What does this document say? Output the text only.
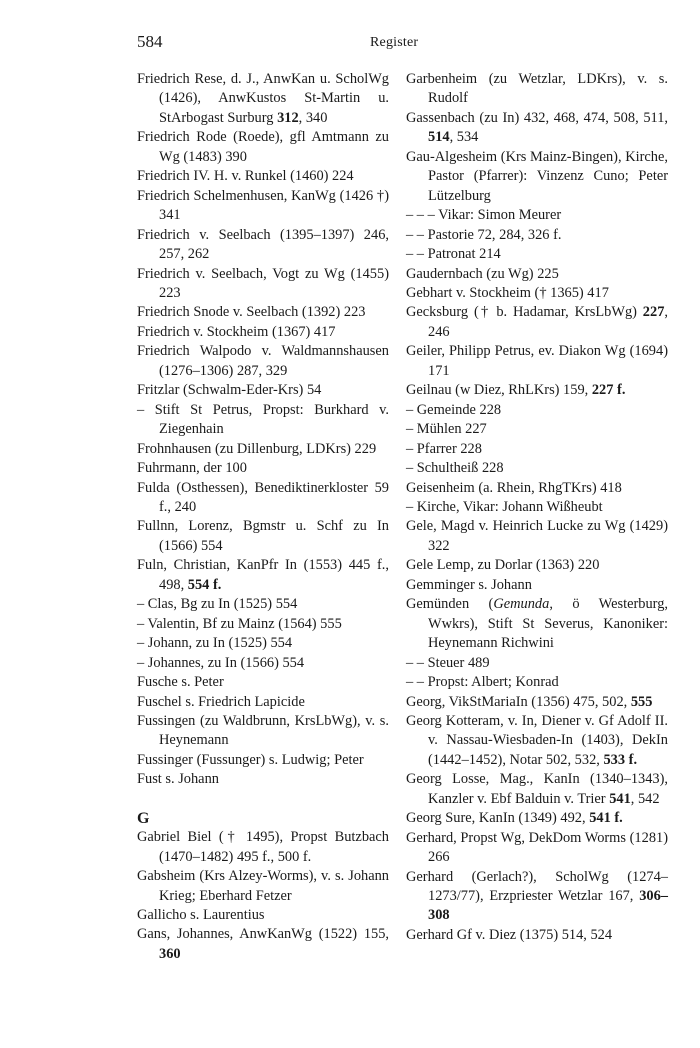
584	Register

Friedrich Rese, d. J., AnwKan u. ScholWg (1426), AnwKustos St-Martin u. StArbogast Surburg 312, 340

Friedrich Rode (Roede), gfl Amtmann zu Wg (1483) 390

Friedrich IV. H. v. Runkel (1460) 224

Friedrich Schelmenhusen, KanWg (1426 †) 341

Friedrich v. Seelbach (1395–1397) 246, 257, 262

Friedrich v. Seelbach, Vogt zu Wg (1455) 223

Friedrich Snode v. Seelbach (1392) 223

Friedrich v. Stockheim (1367) 417

Friedrich Walpodo v. Waldmannshausen (1276–1306) 287, 329

Fritzlar (Schwalm-Eder-Krs) 54

– Stift St Petrus, Propst: Burkhard v. Ziegenhain

Frohnhausen (zu Dillenburg, LDKrs) 229

Fuhrmann, der 100

Fulda (Osthessen), Benediktinerkloster 59 f., 240

Fullnn, Lorenz, Bgmstr u. Schf zu In (1566) 554

Fuln, Christian, KanPfr In (1553) 445 f., 498, 554 f.

– Clas, Bg zu In (1525) 554

– Valentin, Bf zu Mainz (1564) 555

– Johann, zu In (1525) 554

– Johannes, zu In (1566) 554

Fusche s. Peter

Fuschel s. Friedrich Lapicide

Fussingen (zu Waldbrunn, KrsLbWg), v. s. Heynemann

Fussinger (Fussunger) s. Ludwig; Peter

Fust s. Johann

G

Gabriel Biel († 1495), Propst Butzbach (1470–1482) 495 f., 500 f.

Gabsheim (Krs Alzey-Worms), v. s. Johann Krieg; Eberhard Fetzer

Gallicho s. Laurentius

Gans, Johannes, AnwKanWg (1522) 155, 360

Garbenheim (zu Wetzlar, LDKrs), v. s. Rudolf

Gassenbach (zu In) 432, 468, 474, 508, 511, 514, 534

Gau-Algesheim (Krs Mainz-Bingen), Kirche, Pastor (Pfarrer): Vinzenz Cuno; Peter Lützelburg

– – – Vikar: Simon Meurer

– – Pastorie 72, 284, 326 f.

– – Patronat 214

Gaudernbach (zu Wg) 225

Gebhart v. Stockheim († 1365) 417

Gecksburg († b. Hadamar, KrsLbWg) 227, 246

Geiler, Philipp Petrus, ev. Diakon Wg (1694) 171

Geilnau (w Diez, RhLKrs) 159, 227 f.

– Gemeinde 228

– Mühlen 227

– Pfarrer 228

– Schultheiß 228

Geisenheim (a. Rhein, RhgTKrs) 418

– Kirche, Vikar: Johann Wißheubt

Gele, Magd v. Heinrich Lucke zu Wg (1429) 322

Gele Lemp, zu Dorlar (1363) 220

Gemminger s. Johann

Gemünden (Gemunda, ö Westerburg, Wwkrs), Stift St Severus, Kanoniker: Heynemann Richwini

– – Steuer 489

– – Propst: Albert; Konrad

Georg, VikStMariaIn (1356) 475, 502, 555

Georg Kotteram, v. In, Diener v. Gf Adolf II. v. Nassau-Wiesbaden-In (1403), DekIn (1442–1452), Notar 502, 532, 533 f.

Georg Losse, Mag., KanIn (1340–1343), Kanzler v. Ebf Balduin v. Trier 541, 542

Georg Sure, KanIn (1349) 492, 541 f.

Gerhard, Propst Wg, DekDom Worms (1281) 266

Gerhard (Gerlach?), ScholWg (1274–1273/77), Erzpriester Wetzlar 167, 306–308

Gerhard Gf v. Diez (1375) 514, 524
